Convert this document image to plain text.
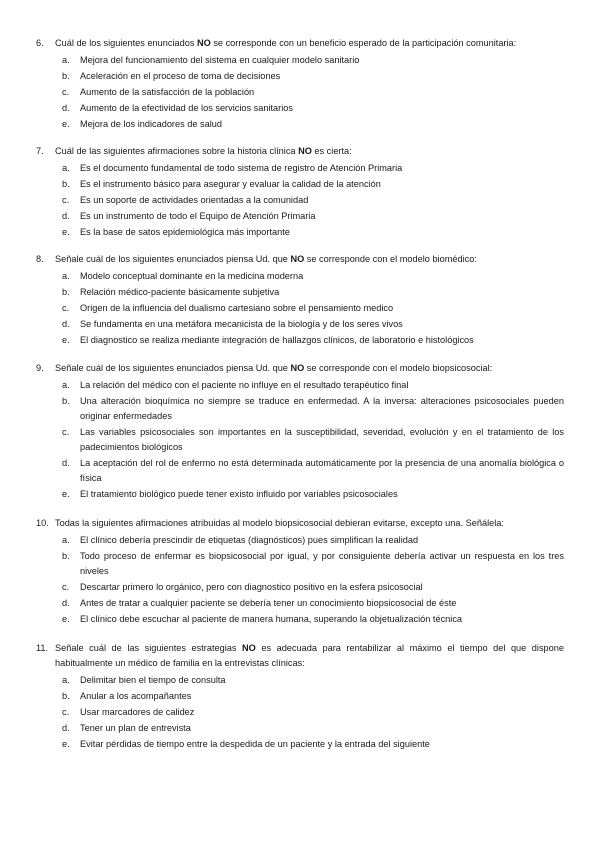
6.	Cuál de los siguientes enunciados NO se corresponde con un beneficio esperado de la participación comunitaria:
a.	Mejora del funcionamiento del sistema en cualquier modelo sanitario
b.	Aceleración en el proceso de toma de decisiones
c.	Aumento de la satisfacción de la población
d.	Aumento de la efectividad de los servicios sanitarios
e.	Mejora de los indicadores de salud
7.	Cuál de las siguientes afirmaciones sobre la historia clínica NO es cierta:
a.	Es el documento fundamental de todo sistema de registro de Atención Primaria
b.	Es el instrumento básico para asegurar y evaluar la calidad de la atención
c.	Es un soporte de actividades orientadas a la comunidad
d.	Es un instrumento de todo el Equipo de Atención Primaria
e.	Es la base de satos epidemiológica más importante
8.	Señale cuál de los siguientes enunciados piensa Ud. que NO se corresponde con el modelo biomédico:
a.	Modelo conceptual dominante en la medicina moderna
b.	Relación médico-paciente básicamente subjetiva
c.	Origen de la influencia del dualismo cartesiano sobre el pensamiento medico
d.	Se fundamenta en una metáfora mecanicista de la biología y de los seres vivos
e.	El diagnostico se realiza mediante integración de hallazgos clínicos, de laboratorio e histológicos
9.	Señale cuál de los siguientes enunciados piensa Ud. que NO se corresponde con el modelo biopsicosocial:
a.	La relación del médico con el paciente no influye en el resultado terapéutico final
b.	Una alteración bioquímica no siempre se traduce en enfermedad. A la inversa: alteraciones psicosociales pueden originar enfermedades
c.	Las variables psicosociales son importantes en la susceptibilidad, severidad, evolución y en el tratamiento de los padecimientos biológicos
d.	La aceptación del rol de enfermo no está determinada automáticamente por la presencia de una anomalía biológica o física
e.	El tratamiento biológico puede tener existo influido por variables psicosociales
10. Todas la siguientes afirmaciones atribuidas al modelo biopsicosocial debieran evitarse, excepto una. Señálela:
a.	El clínico debería prescindir de etiquetas (diagnósticos) pues simplifican la realidad
b.	Todo proceso de enfermar es biopsicosocial por igual, y por consiguiente debería activar un respuesta en los tres niveles
c.	Descartar primero lo orgánico, pero con diagnostico positivo en la esfera psicosocial
d.	Antes de tratar a cualquier paciente se debería tener un conocimiento biopsicosocial de éste
e.	El clínico debe escuchar al paciente de manera humana, superando la objetualización técnica
11. Señale cuál de las siguientes estrategias NO es adecuada para rentabilizar al máximo el tiempo del que dispone habitualmente un médico de familia en la entrevistas clínicas:
a.	Delimitar bien el tiempo de consulta
b.	Anular a los acompañantes
c.	Usar marcadores de calidez
d.	Tener un plan de entrevista
e.	Evitar pérdidas de tiempo entre la despedida de un paciente y la entrada del siguiente
